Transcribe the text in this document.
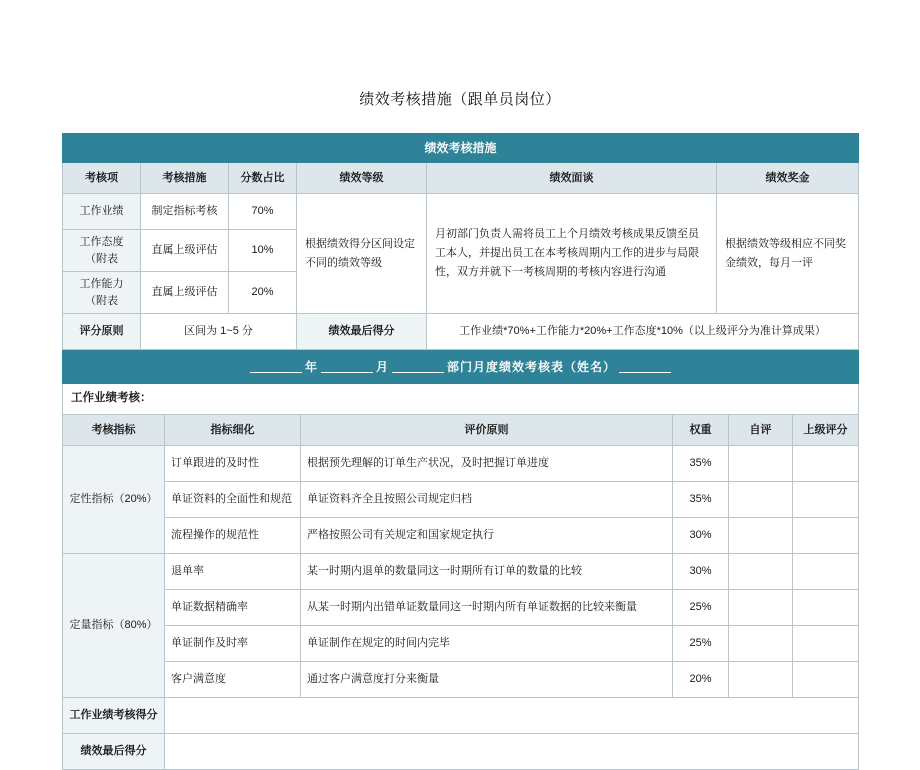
绩效考核措施（跟单员岗位）
绩效考核措施					
考核项	考核措施	分数占比	绩效等级	绩效面谈	绩效奖金
工作业绩	制定指标考核	70%	根据绩效得分区间设定不同的绩效等级	月初部门负责人需将员工上个月绩效考核成果反馈至员工本人，并提出员工在本考核周期内工作的进步与局限性，双方并就下一考核周期的考核内容进行沟通	根据绩效等级相应不同奖金绩效，每月一评
工作态度（附表	直属上级评估	10%			
工作能力（附表	直属上级评估	20%			
评分原则	区间为 1~5 分		绩效最后得分	工作业绩*70%+工作能力*20%+工作态度*10%（以上级评分为准计算成果）	
年 月 部门月度绩效考核表（姓名）					
工作业绩考核：					
考核指标	指标细化	评价原则	权重	自评	上级评分
定性指标（20%）	订单跟进的及时性	根据预先理解的订单生产状况，及时把握订单进度	35%		
	单证资料的全面性和规范	单证资料齐全且按照公司规定归档	35%		
	流程操作的规范性	严格按照公司有关规定和国家规定执行	30%		
定量指标（80%）	退单率	某一时期内退单的数量同这一时期所有订单的数量的比较	30%		
	单证数据精确率	从某一时期内出错单证数量同这一时期内所有单证数据的比较来衡量	25%		
	单证制作及时率	单证制作在规定的时间内完毕	25%		
	客户满意度	通过客户满意度打分来衡量	20%		
工作业绩考核得分					
绩效最后得分					
